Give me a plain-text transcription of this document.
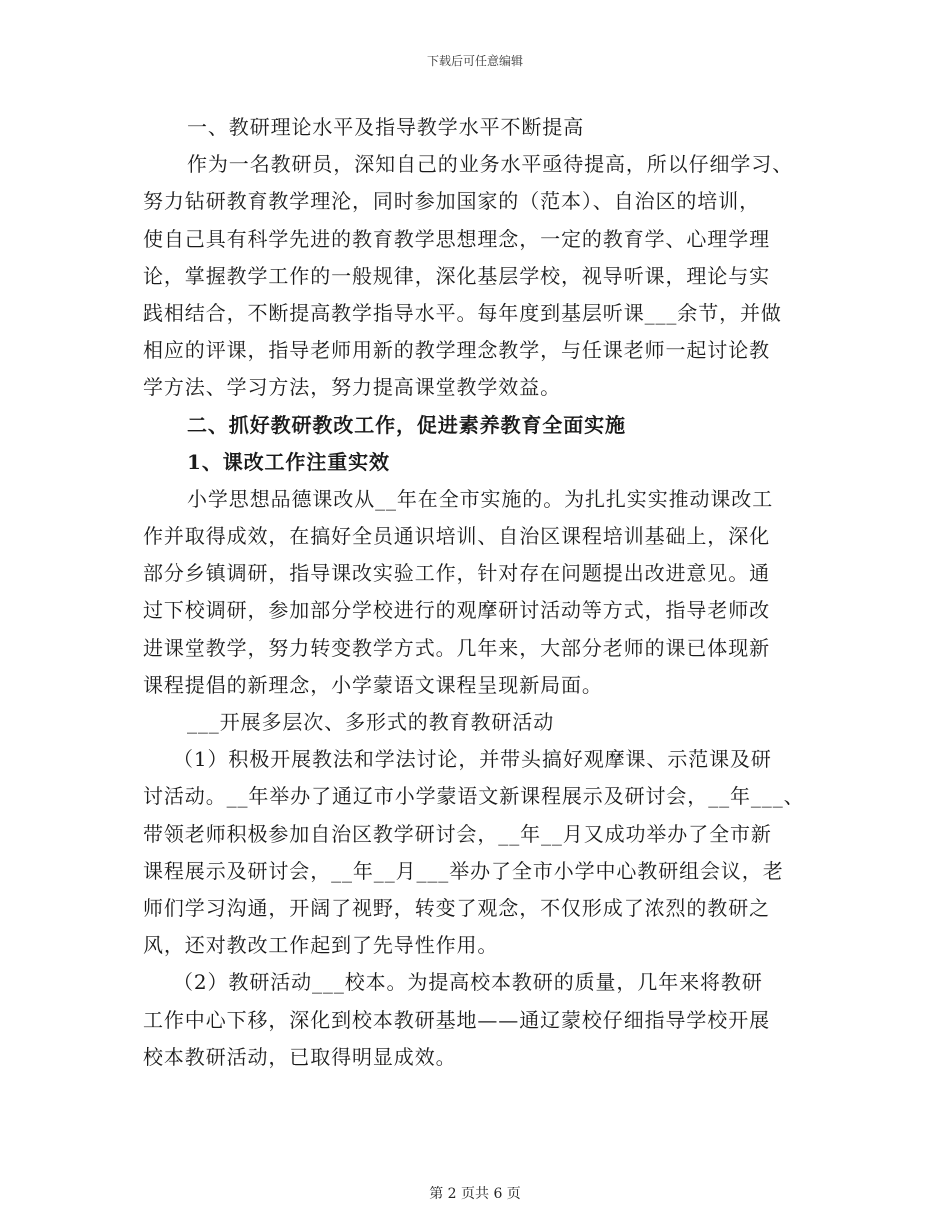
下载后可任意编辑
一、教研理论水平及指导教学水平不断提高
作为一名教研员，深知自己的业务水平亟待提高，所以仔细学习、
努力钻研教育教学理沦，同时参加国家的（范本）、自治区的培训，
使自己具有科学先进的教育教学思想理念，一定的教育学、心理学理
论，掌握教学工作的一般规律，深化基层学校，视导听课，理论与实
践相结合，不断提高教学指导水平。每年度到基层听课___余节，并做
相应的评课，指导老师用新的教学理念教学，与任课老师一起讨论教
学方法、学习方法，努力提高课堂教学效益。
二、抓好教研教改工作，促进素养教育全面实施
1、课改工作注重实效
小学思想品德课改从__年在全市实施的。为扎扎实实推动课改工
作并取得成效，在搞好全员通识培训、自治区课程培训基础上，深化
部分乡镇调研，指导课改实验工作，针对存在问题提出改进意见。通
过下校调研，参加部分学校进行的观摩研讨活动等方式，指导老师改
进课堂教学，努力转变教学方式。几年来，大部分老师的课已体现新
课程提倡的新理念，小学蒙语文课程呈现新局面。
___开展多层次、多形式的教育教研活动
（1）积极开展教法和学法讨论，并带头搞好观摩课、示范课及研
讨活动。__年举办了通辽市小学蒙语文新课程展示及研讨会，__年___、
带领老师积极参加自治区教学研讨会，__年__月又成功举办了全市新
课程展示及研讨会，__年__月___举办了全市小学中心教研组会议，老
师们学习沟通，开阔了视野，转变了观念，不仅形成了浓烈的教研之
风，还对教改工作起到了先导性作用。
（2）教研活动___校本。为提高校本教研的质量，几年来将教研
工作中心下移，深化到校本教研基地——通辽蒙校仔细指导学校开展
校本教研活动，已取得明显成效。
第 2 页共 6 页
